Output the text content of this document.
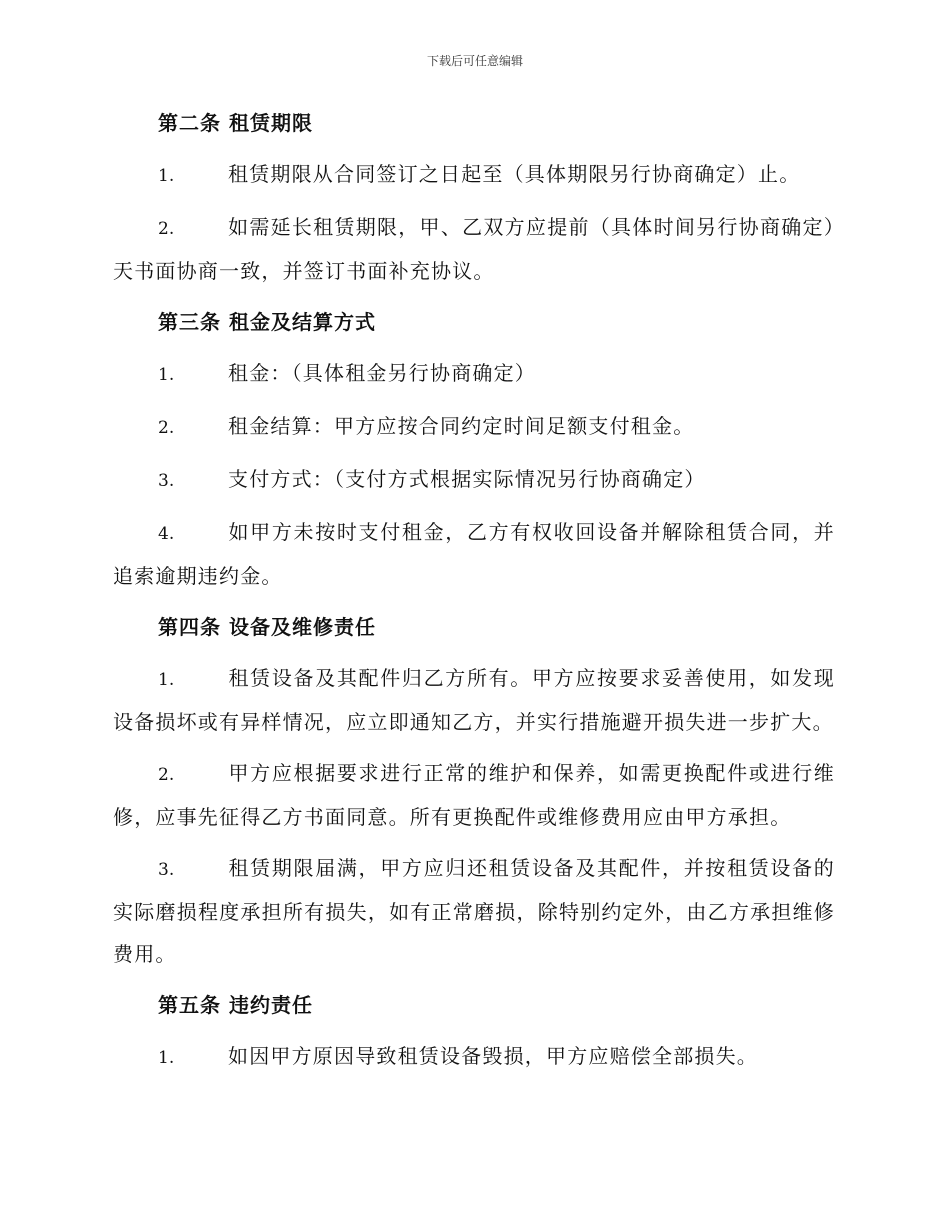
下载后可任意编辑
第二条 租赁期限

1.	租赁期限从合同签订之日起至（具体期限另行协商确定）止。

2.	如需延长租赁期限，甲、乙双方应提前（具体时间另行协商确定）天书面协商一致，并签订书面补充协议。

第三条 租金及结算方式

1.	租金：（具体租金另行协商确定）

2.	租金结算：甲方应按合同约定时间足额支付租金。

3.	支付方式：（支付方式根据实际情况另行协商确定）

4.	如甲方未按时支付租金，乙方有权收回设备并解除租赁合同，并追索逾期违约金。

第四条 设备及维修责任

1.	租赁设备及其配件归乙方所有。甲方应按要求妥善使用，如发现设备损坏或有异样情况，应立即通知乙方，并实行措施避开损失进一步扩大。

2.	甲方应根据要求进行正常的维护和保养，如需更换配件或进行维修，应事先征得乙方书面同意。所有更换配件或维修费用应由甲方承担。

3.	租赁期限届满，甲方应归还租赁设备及其配件，并按租赁设备的实际磨损程度承担所有损失，如有正常磨损，除特别约定外，由乙方承担维修费用。

第五条 违约责任

1.	如因甲方原因导致租赁设备毁损，甲方应赔偿全部损失。
